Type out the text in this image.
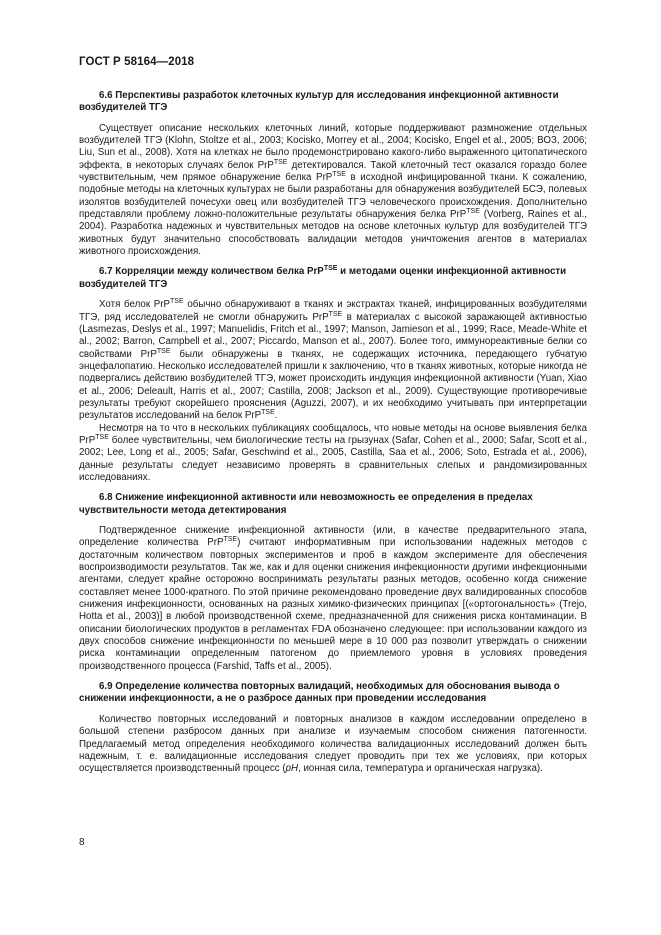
ГОСТ Р 58164—2018

6.6 Перспективы разработок клеточных культур для исследования инфекционной активности возбудителей ТГЭ

Существует описание нескольких клеточных линий, которые поддерживают размножение отдельных возбудителей ТГЭ (Klohn, Stoltze et al., 2003; Kocisko, Morrey et al., 2004; Kocisko, Engel et al., 2005; ВОЗ, 2006; Liu, Sun et al., 2008). Хотя на клетках не было продемонстрировано какого-либо выраженного цитопатического эффекта, в некоторых случаях белок PrP$^{TSE}$ детектировался. Такой клеточный тест оказался гораздо более чувствительным, чем прямое обнаружение белка PrP$^{TSE}$ в исходной инфицированной ткани. К сожалению, подобные методы на клеточных культурах не были разработаны для обнаружения возбудителей БСЭ, полевых изолятов возбудителей почесухи овец или возбудителей ТГЭ человеческого происхождения. Дополнительно представляли проблему ложно-положительные результаты обнаружения белка PrP$^{TSE}$ (Vorberg, Raines et al., 2004). Разработка надежных и чувствительных методов на основе клеточных культур для возбудителей ТГЭ животных будут значительно способствовать валидации методов уничтожения агентов в материалах животного происхождения.

6.7 Корреляции между количеством белка PrP$^{TSE}$ и методами оценки инфекционной активности возбудителей ТГЭ

Хотя белок PrP$^{TSE}$ обычно обнаруживают в тканях и экстрактах тканей, инфицированных возбудителями ТГЭ, ряд исследователей не смогли обнаружить PrP$^{TSE}$ в материалах с высокой заражающей активностью (Lasmezas, Deslys et al., 1997; Manuelidis, Fritch et al., 1997; Manson, Jamieson et al., 1999; Race, Meade-White et al., 2002; Barron, Campbell et al., 2007; Piccardo, Manson et al., 2007). Более того, иммунореактивные белки со свойствами PrP$^{TSE}$ были обнаружены в тканях, не содержащих источника, передающего губчатую энцефалопатию. Несколько исследователей пришли к заключению, что в тканях животных, которые никогда не подвергались действию возбудителей ТГЭ, может происходить индукция инфекционной активности (Yuan, Xiao et al., 2006; Deleault, Harris et al., 2007; Castilla, 2008; Jackson et al., 2009). Существующие противоречивые результаты требуют скорейшего прояснения (Aguzzi, 2007), и их необходимо учитывать при интерпретации результатов исследований на белок PrP$^{TSE}$.

Несмотря на то что в нескольких публикациях сообщалось, что новые методы на основе выявления белка PrP$^{TSE}$ более чувствительны, чем биологические тесты на грызунах (Safar, Cohen et al., 2000; Safar, Scott et al., 2002; Lee, Long et al., 2005; Safar, Geschwind et al., 2005, Castilla, Saa et al., 2006; Soto, Estrada et al., 2006), данные результаты следует независимо проверять в сравнительных слепых и рандомизированных исследованиях.

6.8 Снижение инфекционной активности или невозможность ее определения в пределах чувствительности метода детектирования

Подтвержденное снижение инфекционной активности (или, в качестве предварительного этапа, определение количества PrP$^{TSE}$) считают информативным при использовании надежных методов с достаточным количеством повторных экспериментов и проб в каждом эксперименте для обеспечения воспроизводимости результатов. Так же, как и для оценки снижения инфекционности другими инфекционными агентами, следует крайне осторожно воспринимать результаты разных методов, особенно когда снижение составляет менее 1000-кратного. По этой причине рекомендовано проведение двух валидированных способов снижения инфекционности, основанных на разных химико-физических принципах [(«ортогональность» (Trejo, Hotta et al., 2003)] в любой производственной схеме, предназначенной для снижения риска контаминации. В описании биологических продуктов в регламентах FDA обозначено следующее: при использовании каждого из двух способов снижение инфекционности по меньшей мере в 10 000 раз позволит утверждать о снижении риска контаминации определенным патогеном до приемлемого уровня в условиях проведения производственного процесса (Farshid, Taffs et al., 2005).

6.9 Определение количества повторных валидаций, необходимых для обоснования вывода о снижении инфекционности, а не о разбросе данных при проведении исследования

Количество повторных исследований и повторных анализов в каждом исследовании определено в большой степени разбросом данных при анализе и изучаемым способом снижения патогенности. Предлагаемый метод определения необходимого количества валидационных исследований должен быть надежным, т. е. валидационные исследования следует проводить при тех же условиях, при которых осуществляется производственный процесс (pH, ионная сила, температура и органическая нагрузка).

8
